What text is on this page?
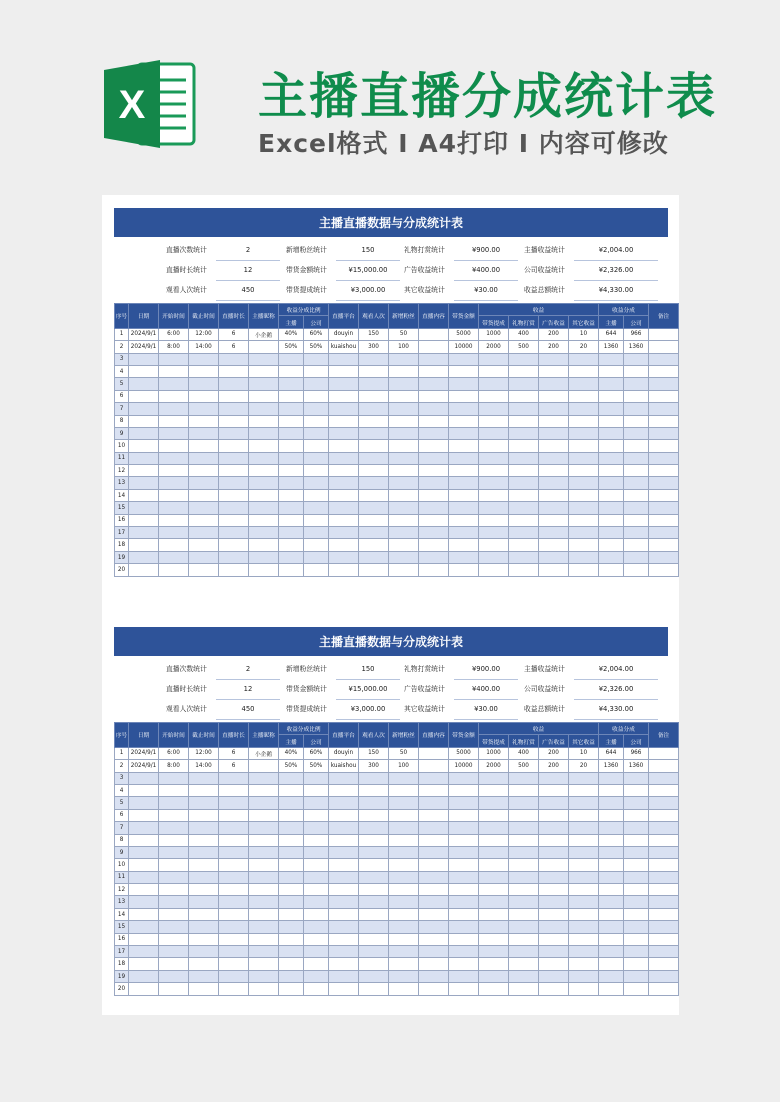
X 主播直播分成统计表
Excel格式 I A4打印 I 内容可修改
主播直播数据与分成统计表
直播次数统计	2	新增粉丝统计	150	礼物打赏统计	¥900.00	主播收益统计	¥2,004.00
直播时长统计	12	带货金额统计	¥15,000.00	广告收益统计	¥400.00	公司收益统计	¥2,326.00
观看人次统计	450	带货提成统计	¥3,000.00	其它收益统计	¥30.00	收益总额统计	¥4,330.00
序号	日期	开始时间	截止时间	直播时长	主播昵称	收益分成比例		直播平台	观看人次	新增粉丝	直播内容	带货金额	收益				收益分成		备注
						主播	公司						带货提成	礼物打赏	广告收益	其它收益	主播	公司	
1	2024/9/1	6:00	12:00	6	小企鹅	40%	60%	douyin	150	50		5000	1000	400	200	10	644	966	
2	2024/9/1	8:00	14:00	6		50%	50%	kuaishou	300	100		10000	2000	500	200	20	1360	1360	
3																			
4																			
5																			
6																			
7																			
8																			
9																			
10																			
11																			
12																			
13																			
14																			
15																			
16																			
17																			
18																			
19																			
20																			
主播直播数据与分成统计表
直播次数统计	2	新增粉丝统计	150	礼物打赏统计	¥900.00	主播收益统计	¥2,004.00
直播时长统计	12	带货金额统计	¥15,000.00	广告收益统计	¥400.00	公司收益统计	¥2,326.00
观看人次统计	450	带货提成统计	¥3,000.00	其它收益统计	¥30.00	收益总额统计	¥4,330.00
序号	日期	开始时间	截止时间	直播时长	主播昵称	收益分成比例		直播平台	观看人次	新增粉丝	直播内容	带货金额	收益				收益分成		备注
						主播	公司						带货提成	礼物打赏	广告收益	其它收益	主播	公司	
1	2024/9/1	6:00	12:00	6	小企鹅	40%	60%	douyin	150	50		5000	1000	400	200	10	644	966	
2	2024/9/1	8:00	14:00	6		50%	50%	kuaishou	300	100		10000	2000	500	200	20	1360	1360	
3																			
4																			
5																			
6																			
7																			
8																			
9																			
10																			
11																			
12																			
13																			
14																			
15																			
16																			
17																			
18																			
19																			
20																			
